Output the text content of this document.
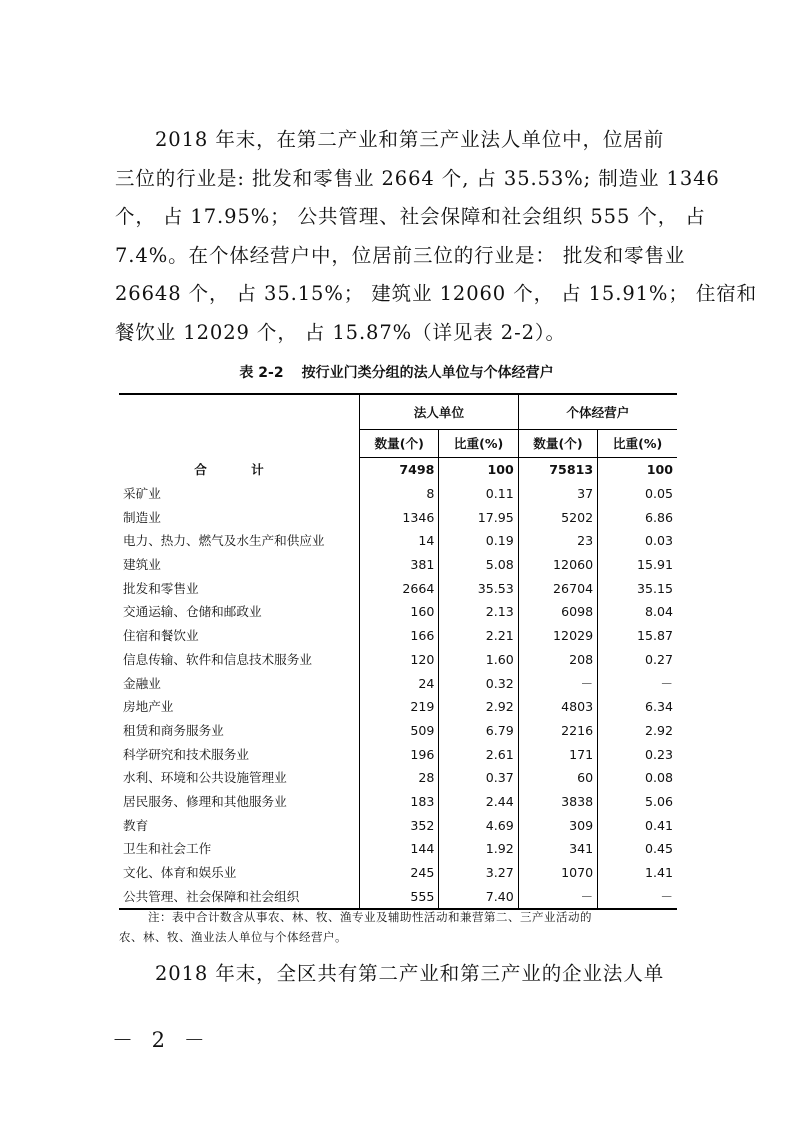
2018 年末，在第二产业和第三产业法人单位中，位居前
三位的行业是: 批发和零售业 2664 个, 占 35.53%; 制造业 1346
个， 占 17.95%； 公共管理、社会保障和社会组织 555 个， 占
7.4%。在个体经营户中，位居前三位的行业是： 批发和零售业
26648 个， 占 35.15%； 建筑业 12060 个， 占 15.91%； 住宿和
餐饮业 12029 个， 占 15.87%（详见表 2-2）。
表 2-2 按行业门类分组的法人单位与个体经营户
	法人单位		个体经营户	
	数量(个)	比重(%)	数量(个)	比重(%)
合 计	7498	100	75813	100
采矿业	8	0.11	37	0.05
制造业	1346	17.95	5202	6.86
电力、热力、燃气及水生产和供应业	14	0.19	23	0.03
建筑业	381	5.08	12060	15.91
批发和零售业	2664	35.53	26704	35.15
交通运输、仓储和邮政业	160	2.13	6098	8.04
住宿和餐饮业	166	2.21	12029	15.87
信息传输、软件和信息技术服务业	120	1.60	208	0.27
金融业	24	0.32	－	－
房地产业	219	2.92	4803	6.34
租赁和商务服务业	509	6.79	2216	2.92
科学研究和技术服务业	196	2.61	171	0.23
水利、环境和公共设施管理业	28	0.37	60	0.08
居民服务、修理和其他服务业	183	2.44	3838	5.06
教育	352	4.69	309	0.41
卫生和社会工作	144	1.92	341	0.45
文化、体育和娱乐业	245	3.27	1070	1.41
公共管理、社会保障和社会组织	555	7.40	－	－
注：表中合计数含从事农、林、牧、渔专业及辅助性活动和兼营第二、三产业活动的
农、林、牧、渔业法人单位与个体经营户。
2018 年末，全区共有第二产业和第三产业的企业法人单
－ 2 －
